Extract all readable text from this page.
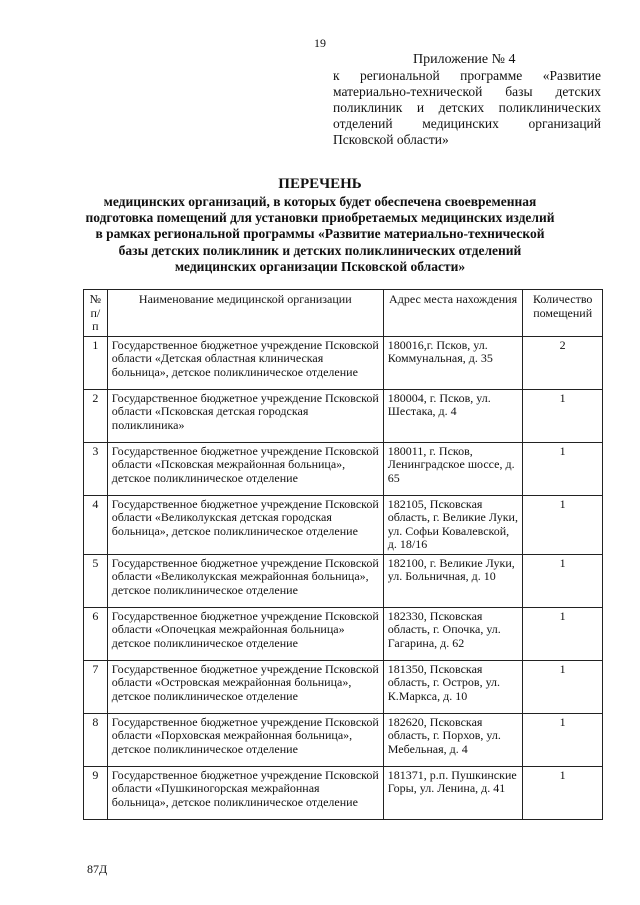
19
Приложение № 4
к региональной программе «Развитие материально-технической базы детских поликлиник и детских поликлинических отделений медицинских организаций Псковской области»
ПЕРЕЧЕНЬ
медицинских организаций, в которых будет обеспечена своевременная подготовка помещений для установки приобретаемых медицинских изделий в рамках региональной программы «Развитие материально-технической базы детских поликлиник и детских поликлинических отделений медицинских организации Псковской области»
№ п/п	Наименование медицинской организации	Адрес места нахождения	Количество помещений
1	Государственное бюджетное учреждение Псковской области «Детская областная клиническая больница», детское поликлиническое отделение	180016,г. Псков, ул. Коммунальная, д. 35	2
2	Государственное бюджетное учреждение Псковской области «Псковская детская городская поликлиника»	180004, г. Псков, ул. Шестака, д. 4	1
3	Государственное бюджетное учреждение Псковской области «Псковская межрайонная больница», детское поликлиническое отделение	180011, г. Псков, Ленинградское шоссе, д. 65	1
4	Государственное бюджетное учреждение Псковской области «Великолукская детская городская больница», детское поликлиническое отделение	182105, Псковская область, г. Великие Луки, ул. Софьи Ковалевской, д. 18/16	1
5	Государственное бюджетное учреждение Псковской области «Великолукская межрайонная больница», детское поликлиническое отделение	182100, г. Великие Луки, ул. Больничная, д. 10	1
6	Государственное бюджетное учреждение Псковской области «Опочецкая межрайонная больница» детское поликлиническое отделение	182330, Псковская область, г. Опочка, ул. Гагарина, д. 62	1
7	Государственное бюджетное учреждение Псковской области «Островская межрайонная больница», детское поликлиническое отделение	181350, Псковская область, г. Остров, ул. К.Маркса, д. 10	1
8	Государственное бюджетное учреждение Псковской области «Порховская межрайонная больница», детское поликлиническое отделение	182620, Псковская область, г. Порхов, ул. Мебельная, д. 4	1
9	Государственное бюджетное учреждение Псковской области «Пушкиногорская межрайонная больница», детское поликлиническое отделение	181371, р.п. Пушкинские Горы, ул. Ленина, д. 41	1
87Д
